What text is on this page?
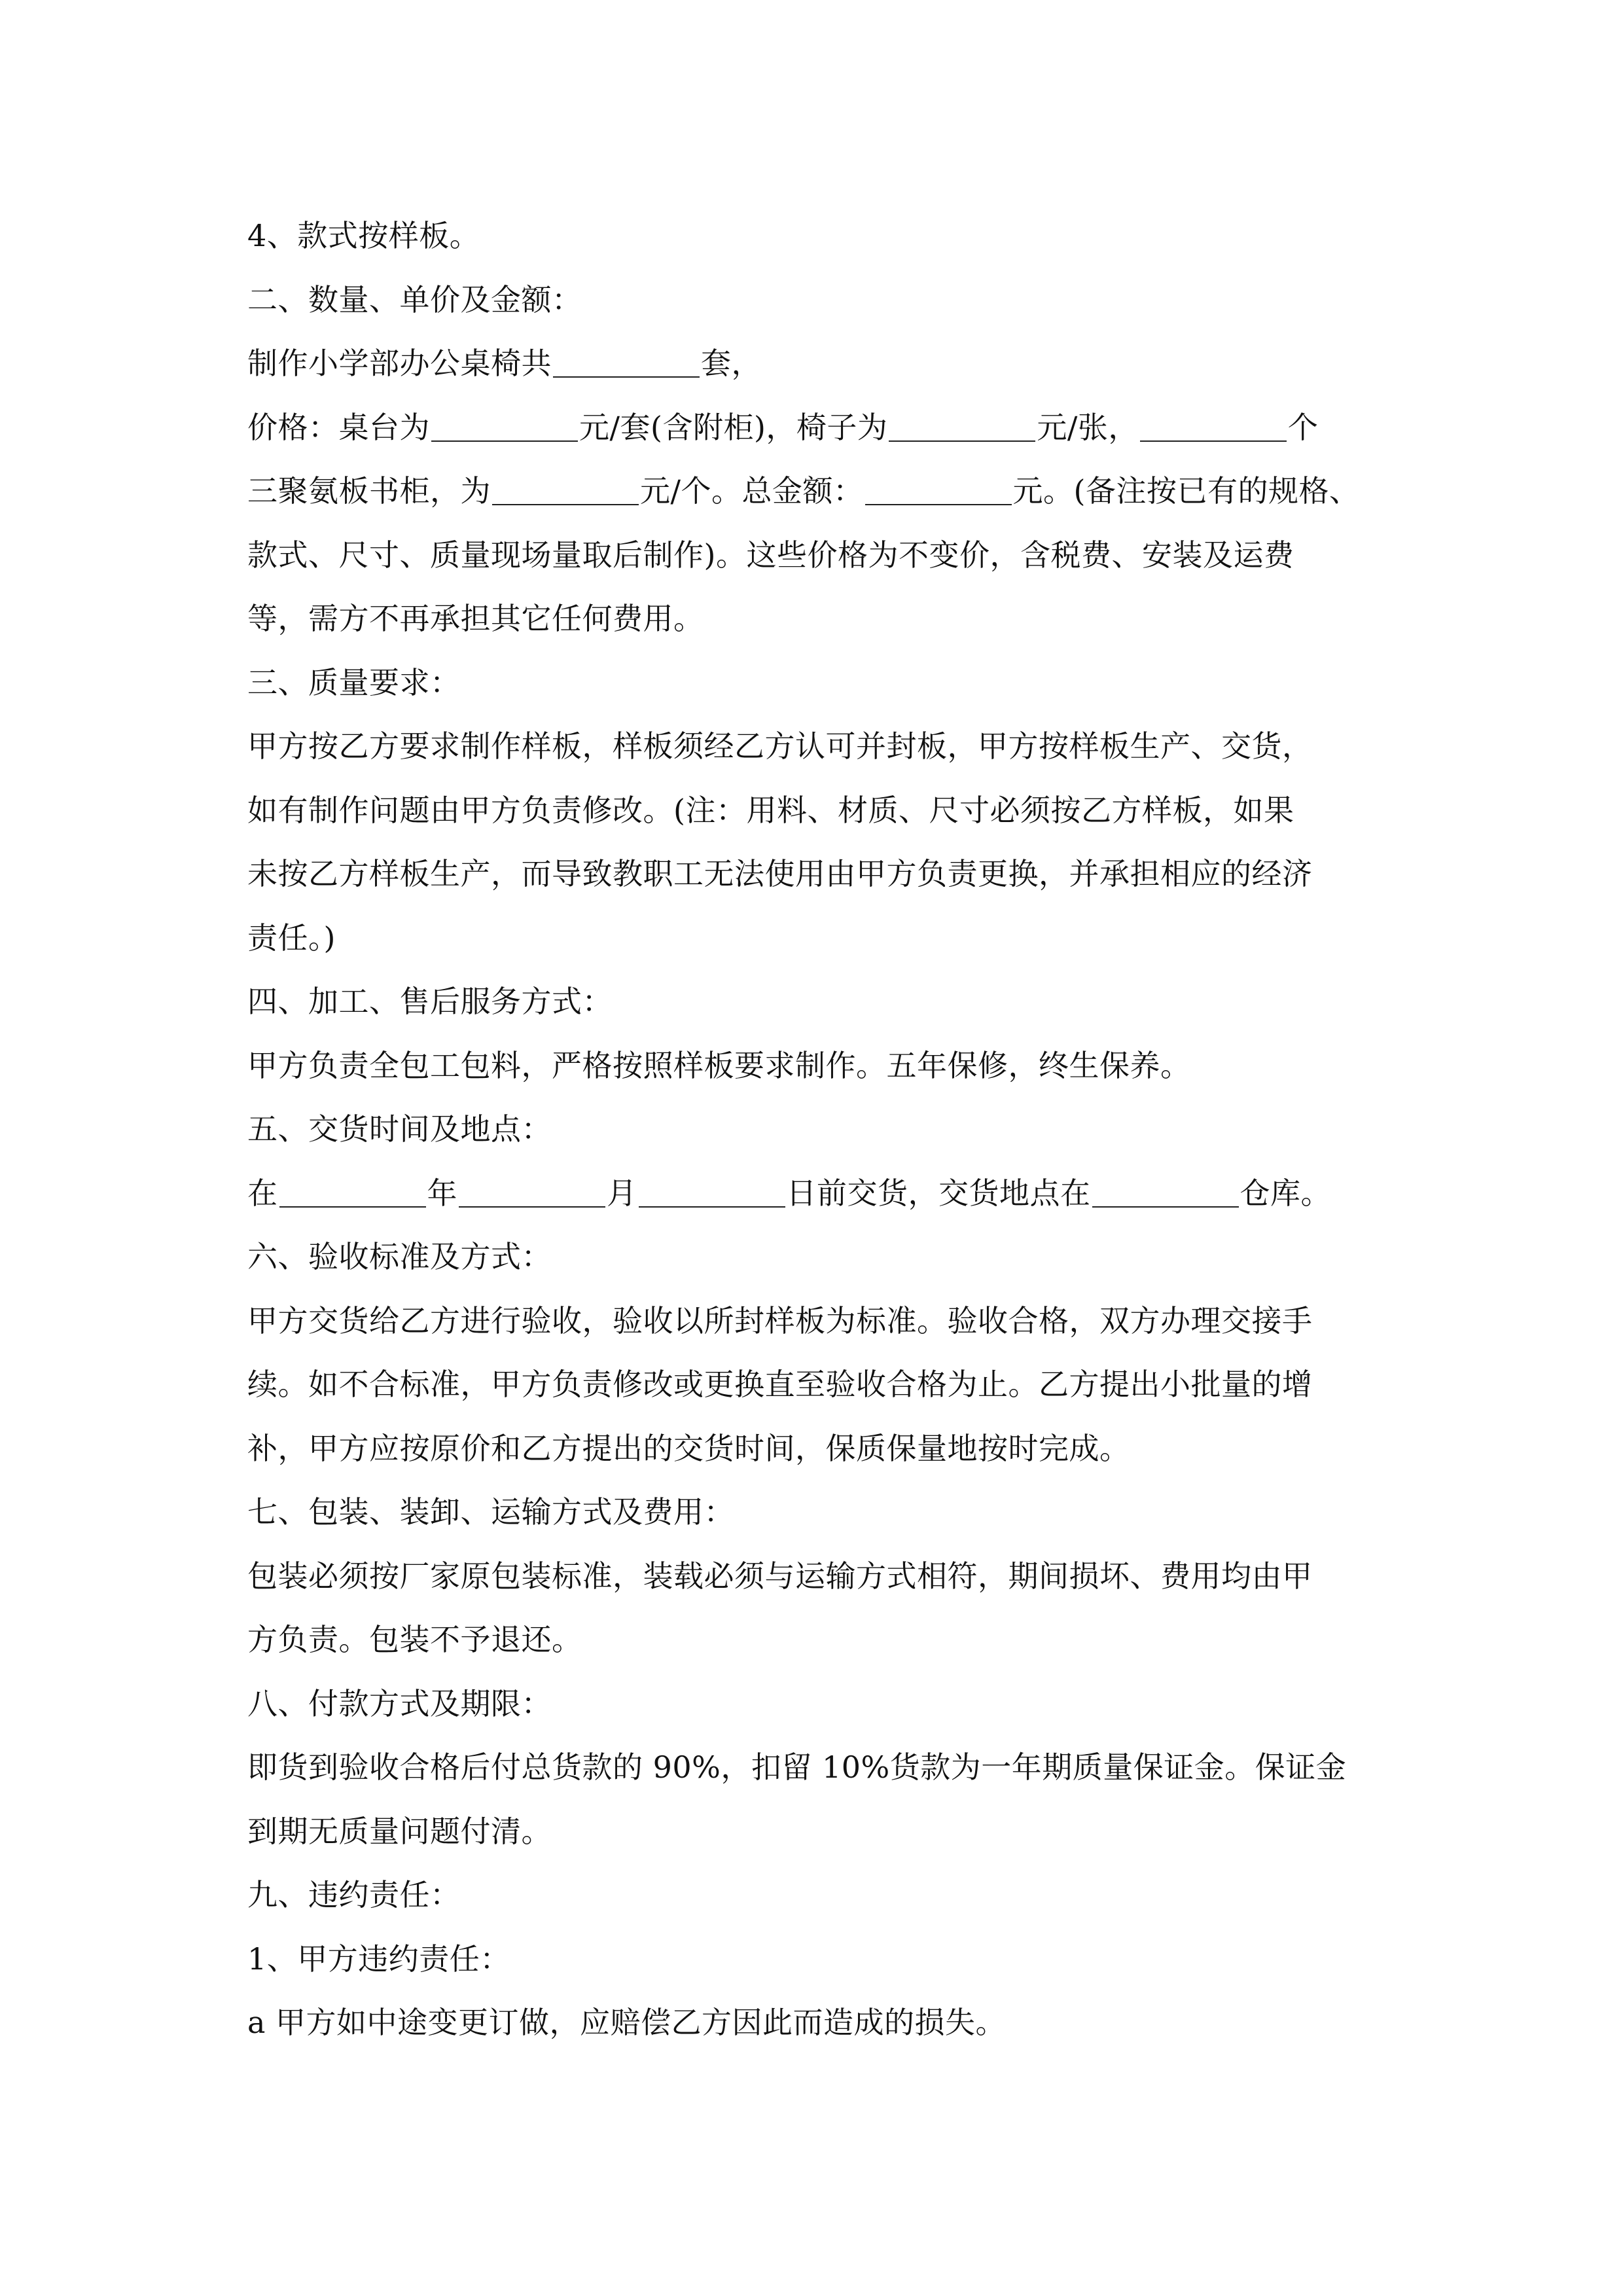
4、款式按样板。
二、数量、单价及金额：
制作小学部办公桌椅共	套，
价格：桌台为	元/套(含附柜)，椅子为	元/张，	个
三聚氨板书柜，为	元/个。总金额：	元。(备注按已有的规格、
款式、尺寸、质量现场量取后制作)。这些价格为不变价，含税费、安装及运费
等，需方不再承担其它任何费用。
三、质量要求：
甲方按乙方要求制作样板，样板须经乙方认可并封板，甲方按样板生产、交货，
如有制作问题由甲方负责修改。(注：用料、材质、尺寸必须按乙方样板，如果
未按乙方样板生产，而导致教职工无法使用由甲方负责更换，并承担相应的经济
责任。)
四、加工、售后服务方式：
甲方负责全包工包料，严格按照样板要求制作。五年保修，终生保养。
五、交货时间及地点：
在	年	月	日前交货，交货地点在	仓库。
六、验收标准及方式：
甲方交货给乙方进行验收，验收以所封样板为标准。验收合格，双方办理交接手
续。如不合标准，甲方负责修改或更换直至验收合格为止。乙方提出小批量的增
补，甲方应按原价和乙方提出的交货时间，保质保量地按时完成。
七、包装、装卸、运输方式及费用：
包装必须按厂家原包装标准，装载必须与运输方式相符，期间损坏、费用均由甲
方负责。包装不予退还。
八、付款方式及期限：
即货到验收合格后付总货款的 90%，扣留 10%货款为一年期质量保证金。保证金
到期无质量问题付清。
九、违约责任：
1、甲方违约责任：
a 甲方如中途变更订做，应赔偿乙方因此而造成的损失。
